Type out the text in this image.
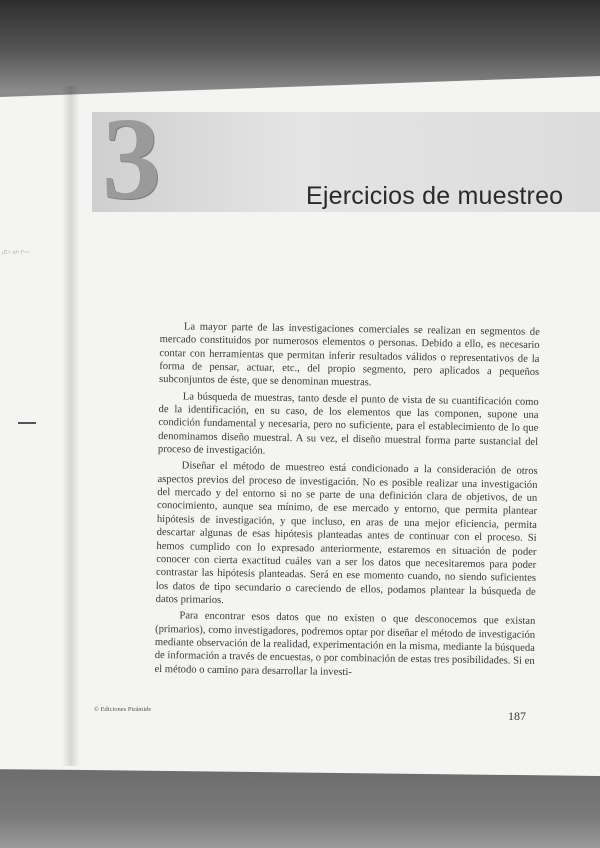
3	Ejercicios de muestreo
¡C~: s!~ f’~~

La mayor parte de las investigaciones comerciales se realizan en segmentos de mercado constituidos por numerosos elementos o personas. Debido a ello, es necesario contar con herramientas que permitan inferir resultados válidos o representativos de la forma de pensar, actuar, etc., del propio segmento, pero aplicados a pequeños subconjuntos de éste, que se denominan muestras.

La búsqueda de muestras, tanto desde el punto de vista de su cuantificación como de la identificación, en su caso, de los elementos que las componen, supone una condición fundamental y necesaria, pero no suficiente, para el establecimiento de lo que denominamos diseño muestral. A su vez, el diseño muestral forma parte sustancial del proceso de investigación.

Diseñar el método de muestreo está condicionado a la consideración de otros aspectos previos del proceso de investigación. No es posible realizar una investigación del mercado y del entorno si no se parte de una definición clara de objetivos, de un conocimiento, aunque sea mínimo, de ese mercado y entorno, que permita plantear hipótesis de investigación, y que incluso, en aras de una mejor eficiencia, permita descartar algunas de esas hipótesis planteadas antes de continuar con el proceso. Si hemos cumplido con lo expresado anteriormente, estaremos en situación de poder conocer con cierta exactitud cuáles van a ser los datos que necesitaremos para poder contrastar las hipótesis planteadas. Será en ese momento cuando, no siendo suficientes los datos de tipo secundario o careciendo de ellos, podamos plantear la búsqueda de datos primarios.

Para encontrar esos datos que no existen o que desconocemos que existan (primarios), como investigadores, podremos optar por diseñar el método de investigación mediante observación de la realidad, experimentación en la misma, mediante la búsqueda de información a través de encuestas, o por combinación de estas tres posibilidades. Si en el método o camino para desarrollar la investi-

© Ediciones Pirámide	187
